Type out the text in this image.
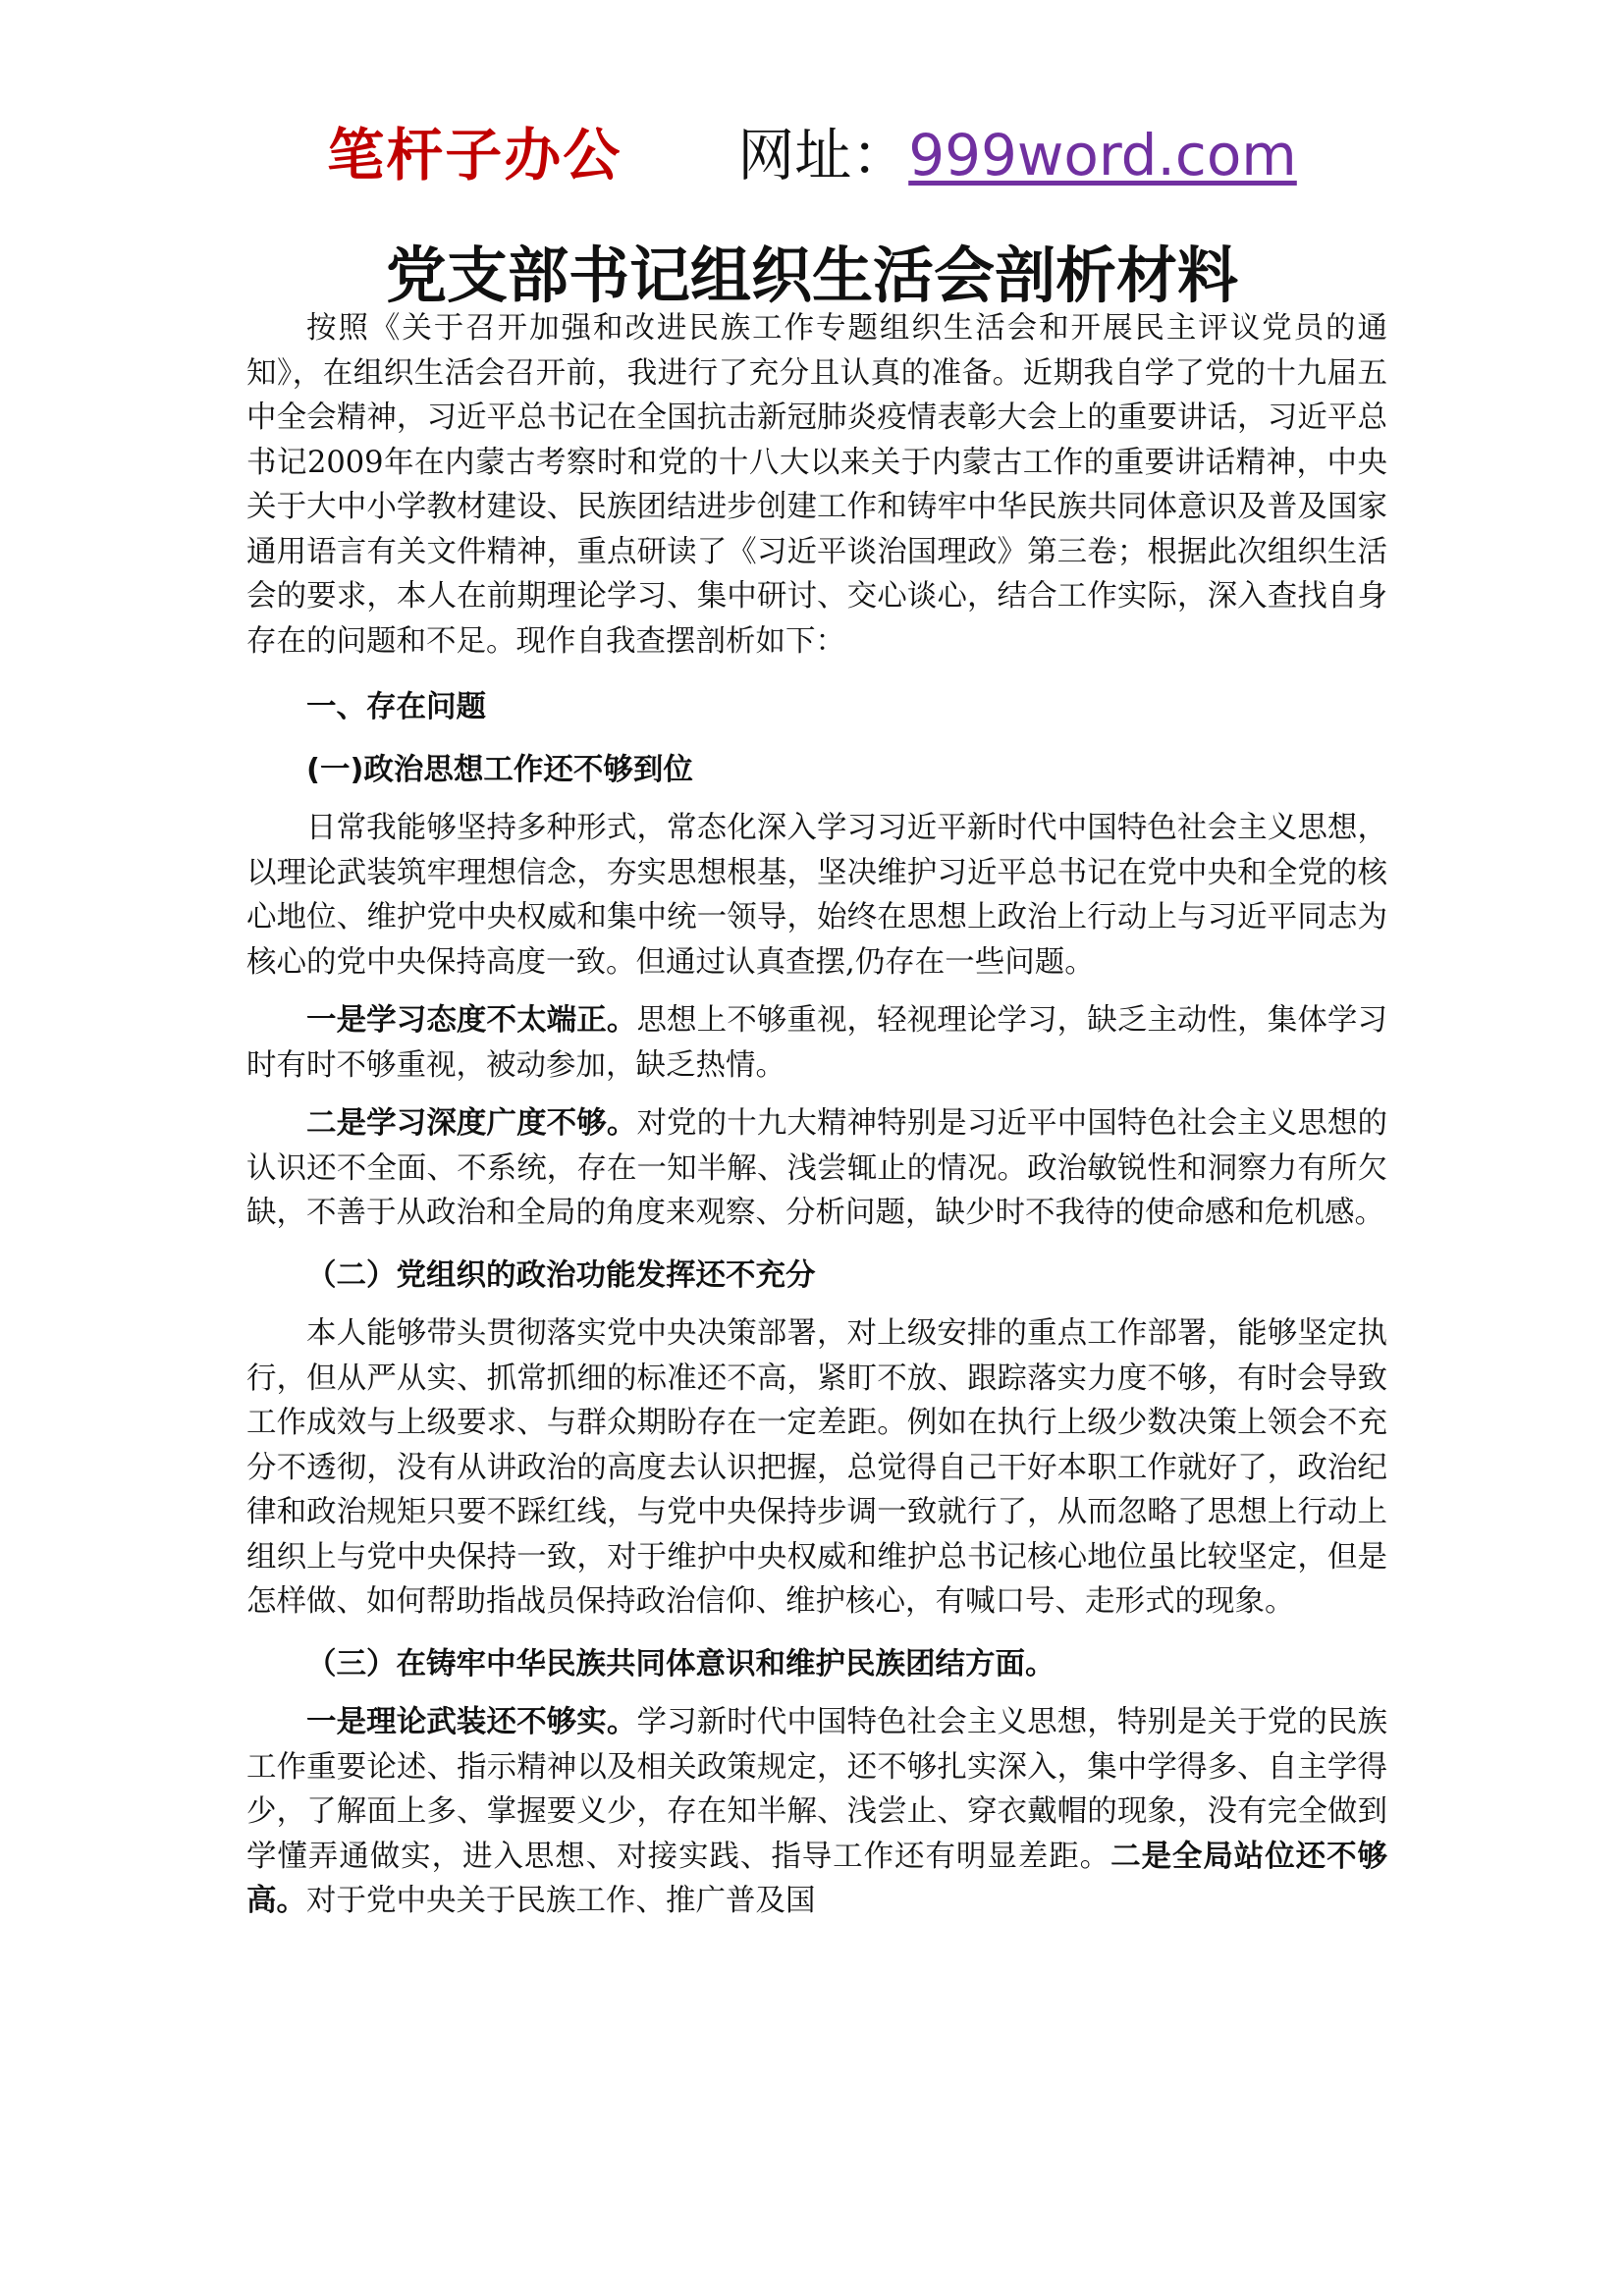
笔杆子办公 网址：999word.com
党支部书记组织生活会剖析材料

按照《关于召开加强和改进民族工作专题组织生活会和开展民主评议党员的通知》，在组织生活会召开前，我进行了充分且认真的准备。近期我自学了党的十九届五中全会精神，习近平总书记在全国抗击新冠肺炎疫情表彰大会上的重要讲话，习近平总书记2009年在内蒙古考察时和党的十八大以来关于内蒙古工作的重要讲话精神，中央关于大中小学教材建设、民族团结进步创建工作和铸牢中华民族共同体意识及普及国家通用语言有关文件精神，重点研读了《习近平谈治国理政》第三卷；根据此次组织生活会的要求，本人在前期理论学习、集中研讨、交心谈心，结合工作实际，深入查找自身存在的问题和不足。现作自我查摆剖析如下：

一、存在问题

(一)政治思想工作还不够到位

日常我能够坚持多种形式，常态化深入学习习近平新时代中国特色社会主义思想，以理论武装筑牢理想信念，夯实思想根基，坚决维护习近平总书记在党中央和全党的核心地位、维护党中央权威和集中统一领导，始终在思想上政治上行动上与习近平同志为核心的党中央保持高度一致。但通过认真查摆,仍存在一些问题。

一是学习态度不太端正。思想上不够重视，轻视理论学习，缺乏主动性，集体学习时有时不够重视，被动参加，缺乏热情。

二是学习深度广度不够。对党的十九大精神特别是习近平中国特色社会主义思想的认识还不全面、不系统，存在一知半解、浅尝辄止的情况。政治敏锐性和洞察力有所欠缺，不善于从政治和全局的角度来观察、分析问题，缺少时不我待的使命感和危机感。

（二）党组织的政治功能发挥还不充分

本人能够带头贯彻落实党中央决策部署，对上级安排的重点工作部署，能够坚定执行，但从严从实、抓常抓细的标准还不高，紧盯不放、跟踪落实力度不够，有时会导致工作成效与上级要求、与群众期盼存在一定差距。例如在执行上级少数决策上领会不充分不透彻，没有从讲政治的高度去认识把握，总觉得自己干好本职工作就好了，政治纪律和政治规矩只要不踩红线，与党中央保持步调一致就行了，从而忽略了思想上行动上组织上与党中央保持一致，对于维护中央权威和维护总书记核心地位虽比较坚定，但是怎样做、如何帮助指战员保持政治信仰、维护核心，有喊口号、走形式的现象。

（三）在铸牢中华民族共同体意识和维护民族团结方面。

一是理论武装还不够实。学习新时代中国特色社会主义思想，特别是关于党的民族工作重要论述、指示精神以及相关政策规定，还不够扎实深入，集中学得多、自主学得少，了解面上多、掌握要义少，存在知半解、浅尝止、穿衣戴帽的现象，没有完全做到学懂弄通做实，进入思想、对接实践、指导工作还有明显差距。二是全局站位还不够高。对于党中央关于民族工作、推广普及国
